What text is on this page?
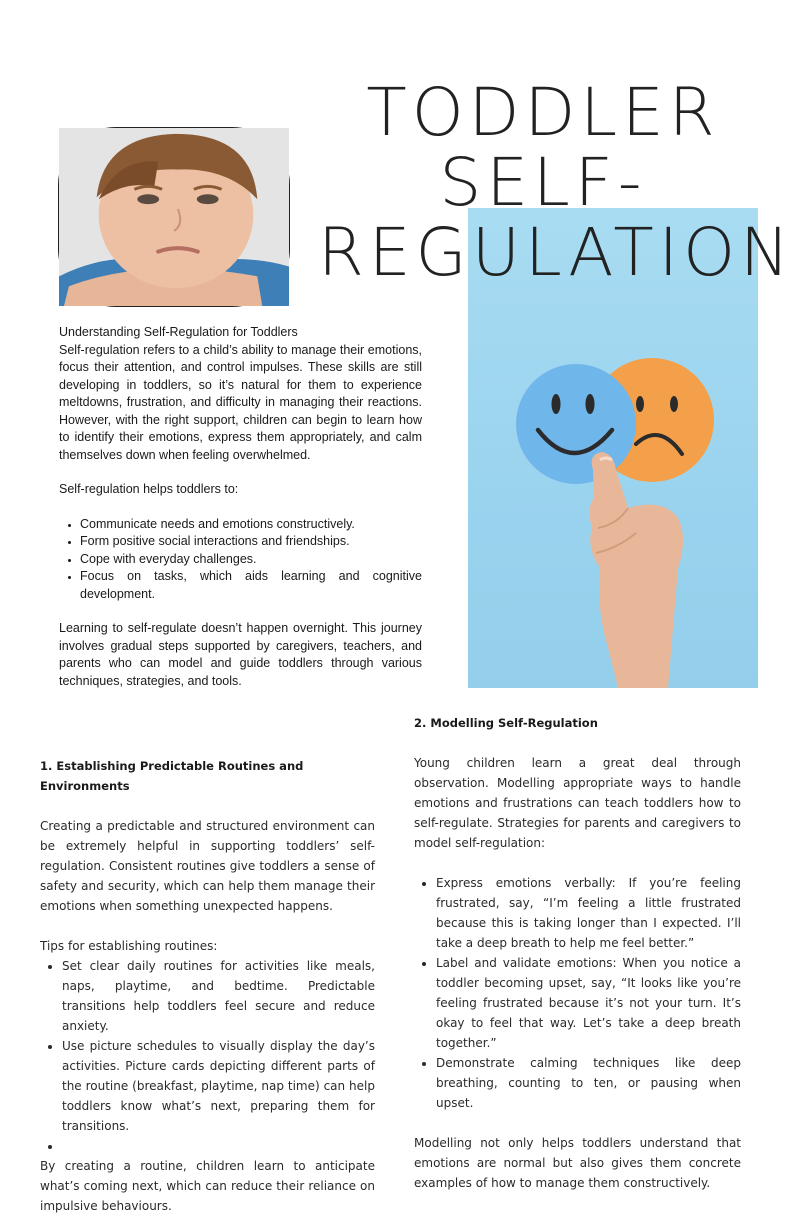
TODDLER
SELF-
REGULATION
Understanding Self-Regulation for Toddlers

Self-regulation refers to a child’s ability to manage their emotions, focus their attention, and control impulses. These skills are still developing in toddlers, so it’s natural for them to experience meltdowns, frustration, and difficulty in managing their reactions. However, with the right support, children can begin to learn how to identify their emotions, express them appropriately, and calm themselves down when feeling overwhelmed.

Self-regulation helps toddlers to:

• Communicate needs and emotions constructively.
• Form positive social interactions and friendships.
• Cope with everyday challenges.
• Focus on tasks, which aids learning and cognitive development.

Learning to self-regulate doesn’t happen overnight. This journey involves gradual steps supported by caregivers, teachers, and parents who can model and guide toddlers through various techniques, strategies, and tools.

1. Establishing Predictable Routines and Environments

Creating a predictable and structured environment can be extremely helpful in supporting toddlers’ self-regulation. Consistent routines give toddlers a sense of safety and security, which can help them manage their emotions when something unexpected happens.

Tips for establishing routines:

• Set clear daily routines for activities like meals, naps, playtime, and bedtime. Predictable transitions help toddlers feel secure and reduce anxiety.
• Use picture schedules to visually display the day’s activities. Picture cards depicting different parts of the routine (breakfast, playtime, nap time) can help toddlers know what’s next, preparing them for transitions.
•

By creating a routine, children learn to anticipate what’s coming next, which can reduce their reliance on impulsive behaviours.

2. Modelling Self-Regulation

Young children learn a great deal through observation. Modelling appropriate ways to handle emotions and frustrations can teach toddlers how to self-regulate. Strategies for parents and caregivers to model self-regulation:

• Express emotions verbally: If you’re feeling frustrated, say, “I’m feeling a little frustrated because this is taking longer than I expected. I’ll take a deep breath to help me feel better.”
• Label and validate emotions: When you notice a toddler becoming upset, say, “It looks like you’re feeling frustrated because it’s not your turn. It’s okay to feel that way. Let’s take a deep breath together.”
• Demonstrate calming techniques like deep breathing, counting to ten, or pausing when upset.

Modelling not only helps toddlers understand that emotions are normal but also gives them concrete examples of how to manage them constructively.
